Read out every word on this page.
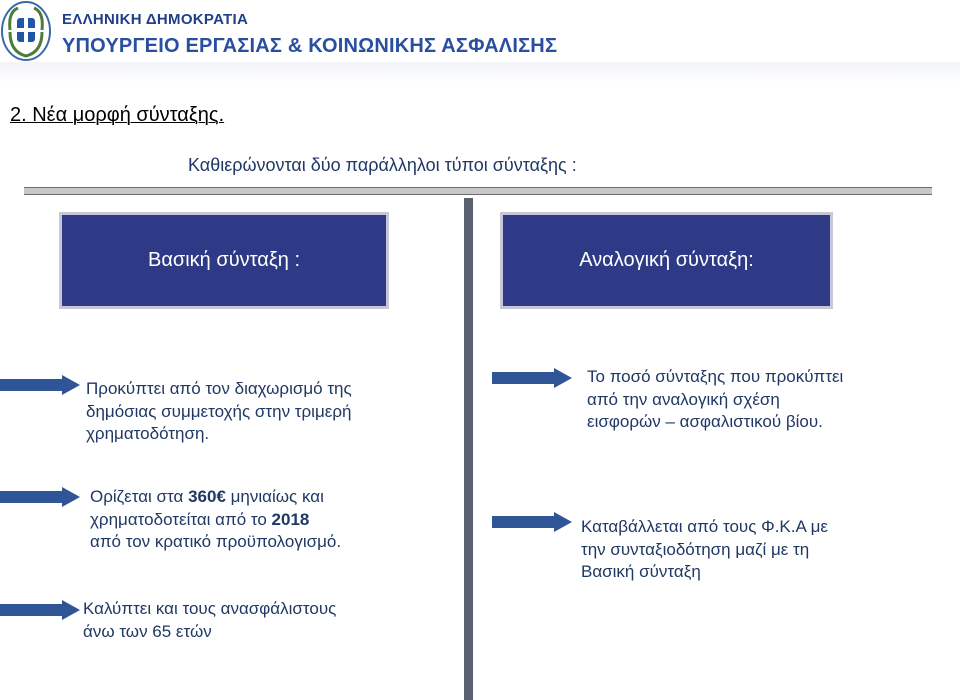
ΕΛΛΗΝΙΚΗ ΔΗΜΟΚΡΑΤΙΑ
ΥΠΟΥΡΓΕΙΟ ΕΡΓΑΣΙΑΣ & ΚΟΙΝΩΝΙΚΗΣ ΑΣΦΑΛΙΣΗΣ
2. Νέα μορφή σύνταξης.
Καθιερώνονται δύο παράλληλοι τύποι σύνταξης :
Βασική σύνταξη :	Αναλογική σύνταξη:
Προκύπτει από τον διαχωρισμό της
δημόσιας συμμετοχής στην τριμερή
χρηματοδότηση.
Ορίζεται στα 360€ μηνιαίως και
χρηματοδοτείται από το 2018
από τον κρατικό προϋπολογισμό.
Καλύπτει και τους ανασφάλιστους
άνω των 65 ετών
Το ποσό σύνταξης που προκύπτει
από την αναλογική σχέση
εισφορών – ασφαλιστικού βίου.
Καταβάλλεται από τους Φ.Κ.Α με
την συνταξιοδότηση μαζί με τη
Βασική σύνταξη
